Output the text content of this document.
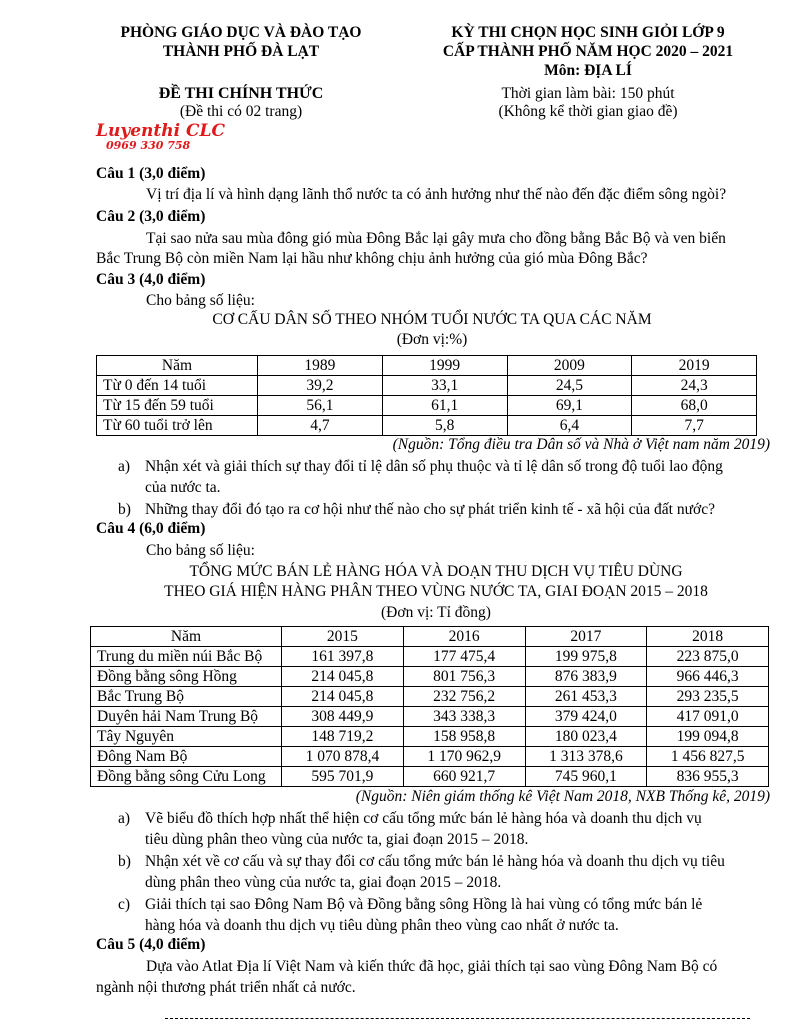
PHÒNG GIÁO DỤC VÀ ĐÀO TẠO
THÀNH PHỐ ĐÀ LẠT
KỲ THI CHỌN HỌC SINH GIỎI LỚP 9
CẤP THÀNH PHỐ NĂM HỌC 2020 – 2021
Môn: ĐỊA LÍ
ĐỀ THI CHÍNH THỨC
(Đề thi có 02 trang)
Thời gian làm bài: 150 phút
(Không kể thời gian giao đề)
Luyenthi CLC
0969 330 758
Câu 1 (3,0 điểm)
Vị trí địa lí và hình dạng lãnh thổ nước ta có ảnh hưởng như thế nào đến đặc điểm sông ngòi?
Câu 2 (3,0 điểm)
Tại sao nửa sau mùa đông gió mùa Đông Bắc lại gây mưa cho đồng bằng Bắc Bộ và ven biển
Bắc Trung Bộ còn miền Nam lại hầu như không chịu ảnh hưởng của gió mùa Đông Bắc?
Câu 3 (4,0 điểm)
Cho bảng số liệu:
CƠ CẤU DÂN SỐ THEO NHÓM TUỔI NƯỚC TA QUA CÁC NĂM
(Đơn vị:%)
Năm	1989	1999	2009	2019
Từ 0 đến 14 tuổi	39,2	33,1	24,5	24,3
Từ 15 đến 59 tuổi	56,1	61,1	69,1	68,0
Từ 60 tuổi trở lên	4,7	5,8	6,4	7,7
(Nguồn: Tổng điều tra Dân số và Nhà ở Việt nam năm 2019)
a) Nhận xét và giải thích sự thay đổi tỉ lệ dân số phụ thuộc và tỉ lệ dân số trong độ tuổi lao động
của nước ta.
b) Những thay đổi đó tạo ra cơ hội như thế nào cho sự phát triển kinh tế - xã hội của đất nước?
Câu 4 (6,0 điểm)
Cho bảng số liệu:
TỔNG MỨC BÁN LẺ HÀNG HÓA VÀ DOẠN THU DỊCH VỤ TIÊU DÙNG
THEO GIÁ HIỆN HÀNG PHÂN THEO VÙNG NƯỚC TA, GIAI ĐOẠN 2015 – 2018
(Đơn vị: Tỉ đồng)
Năm	2015	2016	2017	2018
Trung du miền núi Bắc Bộ	161 397,8	177 475,4	199 975,8	223 875,0
Đồng bằng sông Hồng	214 045,8	801 756,3	876 383,9	966 446,3
Bắc Trung Bộ	214 045,8	232 756,2	261 453,3	293 235,5
Duyên hải Nam Trung Bộ	308 449,9	343 338,3	379 424,0	417 091,0
Tây Nguyên	148 719,2	158 958,8	180 023,4	199 094,8
Đông Nam Bộ	1 070 878,4	1 170 962,9	1 313 378,6	1 456 827,5
Đồng bằng sông Cửu Long	595 701,9	660 921,7	745 960,1	836 955,3
(Nguồn: Niên giám thống kê Việt Nam 2018, NXB Thống kê, 2019)
a) Vẽ biểu đồ thích hợp nhất thể hiện cơ cấu tổng mức bán lẻ hàng hóa và doanh thu dịch vụ
tiêu dùng phân theo vùng của nước ta, giai đoạn 2015 – 2018.
b) Nhận xét về cơ cấu và sự thay đổi cơ cấu tổng mức bán lẻ hàng hóa và doanh thu dịch vụ tiêu
dùng phân theo vùng của nước ta, giai đoạn 2015 – 2018.
c) Giải thích tại sao Đông Nam Bộ và Đồng bằng sông Hồng là hai vùng có tổng mức bán lẻ
hàng hóa và doanh thu dịch vụ tiêu dùng phân theo vùng cao nhất ở nước ta.
Câu 5 (4,0 điểm)
Dựa vào Atlat Địa lí Việt Nam và kiến thức đã học, giải thích tại sao vùng Đông Nam Bộ có
ngành nội thương phát triển nhất cả nước.
